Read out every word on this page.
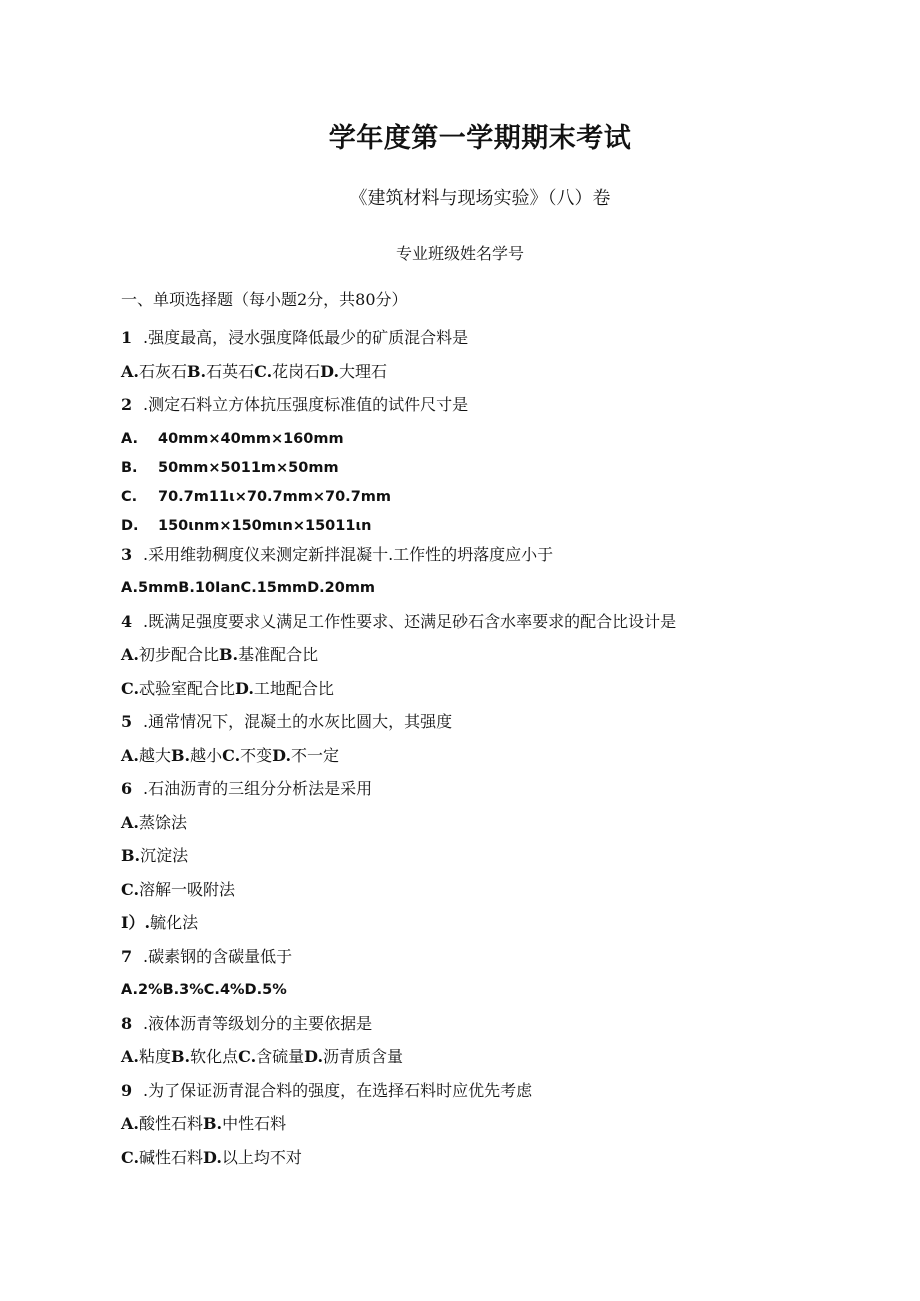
学年度第一学期期末考试
《建筑材料与现场实验》（八）卷
专业班级姓名学号
一、单项选择题（每小题2分，共80分）
1 .强度最高，浸水强度降低最少的矿质混合料是
A.石灰石B.石英石C.花岗石D.大理石
2 .测定石料立方体抗压强度标准值的试件尺寸是
A. 40mm×40mm×160mm
B. 50mm×5011m×50mm
C. 70.7m11ι×70.7mm×70.7mm
D. 150ιnm×150mιn×15011ιn
3 .采用维勃稠度仪来测定新拌混凝十.工作性的坍落度应小于
A.5mmB.10IanC.15mmD.20mm
4 .既满足强度要求乂满足工作性要求、还满足砂石含水率要求的配合比设计是
A.初步配合比B.基准配合比
C.忒验室配合比D.工地配合比
5 .通常情况下，混凝土的水灰比圆大，其强度
A.越大B.越小C.不变D.不一定
6 .石油沥青的三组分分析法是采用
A.蒸馀法
B.沉淀法
C.溶解一吸附法
I）.毓化法
7 .碳素钢的含碳量低于
A.2%B.3%C.4%D.5%
8 .液体沥青等级划分的主要依据是
A.粘度B.软化点C.含硫量D.沥青质含量
9 .为了保证沥青混合料的强度，在选择石料时应优先考虑
A.酸性石料B.中性石料
C.碱性石料D.以上均不对
